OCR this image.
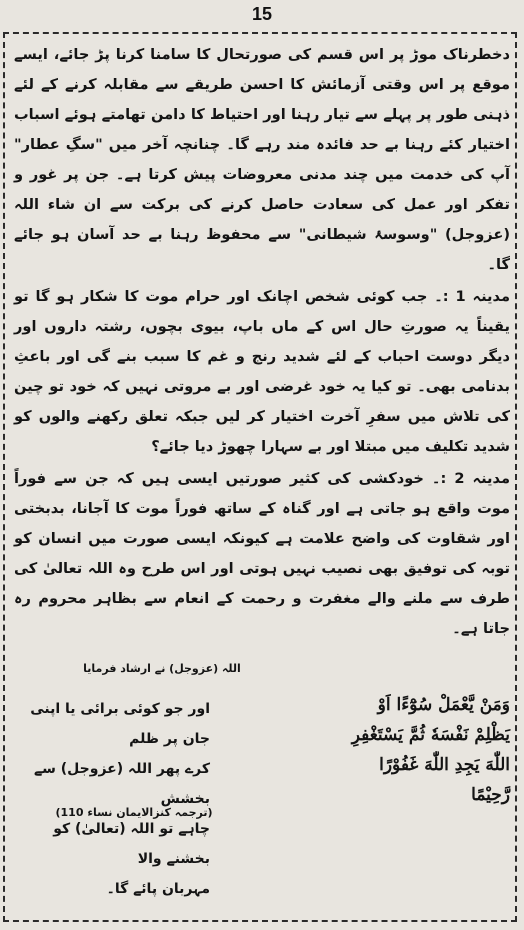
15

دخطرناک موڑ پر اس قسم کی صورتحال کا سامنا کرنا پڑ جائے، ایسے موقع پر اس وقتی آزمائش کا احسن طریقے سے مقابلہ کرنے کے لئے ذہنی طور پر پہلے سے تیار رہنا اور احتیاط کا دامن تھامتے ہوئے اسباب اختیار کئے رہنا بے حد فائدہ مند رہے گا۔ چنانچہ آخر میں "سگِ عطار" آپ کی خدمت میں چند مدنی معروضات پیش کرتا ہے۔ جن پر غور و تفکر اور عمل کی سعادت حاصل کرنے کی برکت سے ان شاء اللہ (عزوجل) "وسوسۂ شیطانی" سے محفوظ رہنا بے حد آسان ہو جائے گا۔

مدینہ 1 :۔ جب کوئی شخص اچانک اور حرام موت کا شکار ہو گا تو یقیناً یہ صورتِ حال اس کے ماں باپ، بیوی بچوں، رشتہ داروں اور دیگر دوست احباب کے لئے شدید رنج و غم کا سبب بنے گی اور باعثِ بدنامی بھی۔ تو کیا یہ خود غرضی اور بے مروتی نہیں کہ خود تو چین کی تلاش میں سفرِ آخرت اختیار کر لیں جبکہ تعلق رکھنے والوں کو شدید تکلیف میں مبتلا اور بے سہارا چھوڑ دیا جائے؟

مدینہ 2 :۔ خودکشی کی کثیر صورتیں ایسی ہیں کہ جن سے فوراً موت واقع ہو جاتی ہے اور گناہ کے ساتھ فوراً موت کا آجانا، بدبختی اور شقاوت کی واضح علامت ہے کیونکہ ایسی صورت میں انسان کو توبہ کی توفیق بھی نصیب نہیں ہوتی اور اس طرح وہ اللہ تعالیٰ کی طرف سے ملنے والے مغفرت و رحمت کے انعام سے بظاہر محروم رہ جاتا ہے۔

اللہ (عزوجل) نے ارشاد فرمایا
وَمَنْ يَّعْمَلْ سُوْٓءًا اَوْ
يَظْلِمْ نَفْسَهٗ ثُمَّ يَسْتَغْفِرِ
اللّٰهَ يَجِدِ اللّٰهَ غَفُوْرًا
رَّحِيْمًا
اور جو کوئی برائی یا اپنی جان پر ظلم
کرے پھر اللہ (عزوجل) سے بخشش
چاہے تو اللہ (تعالیٰ) کو بخشنے والا
مہربان پائے گا۔
(ترجمہ کنزالایمان نساء 110)
